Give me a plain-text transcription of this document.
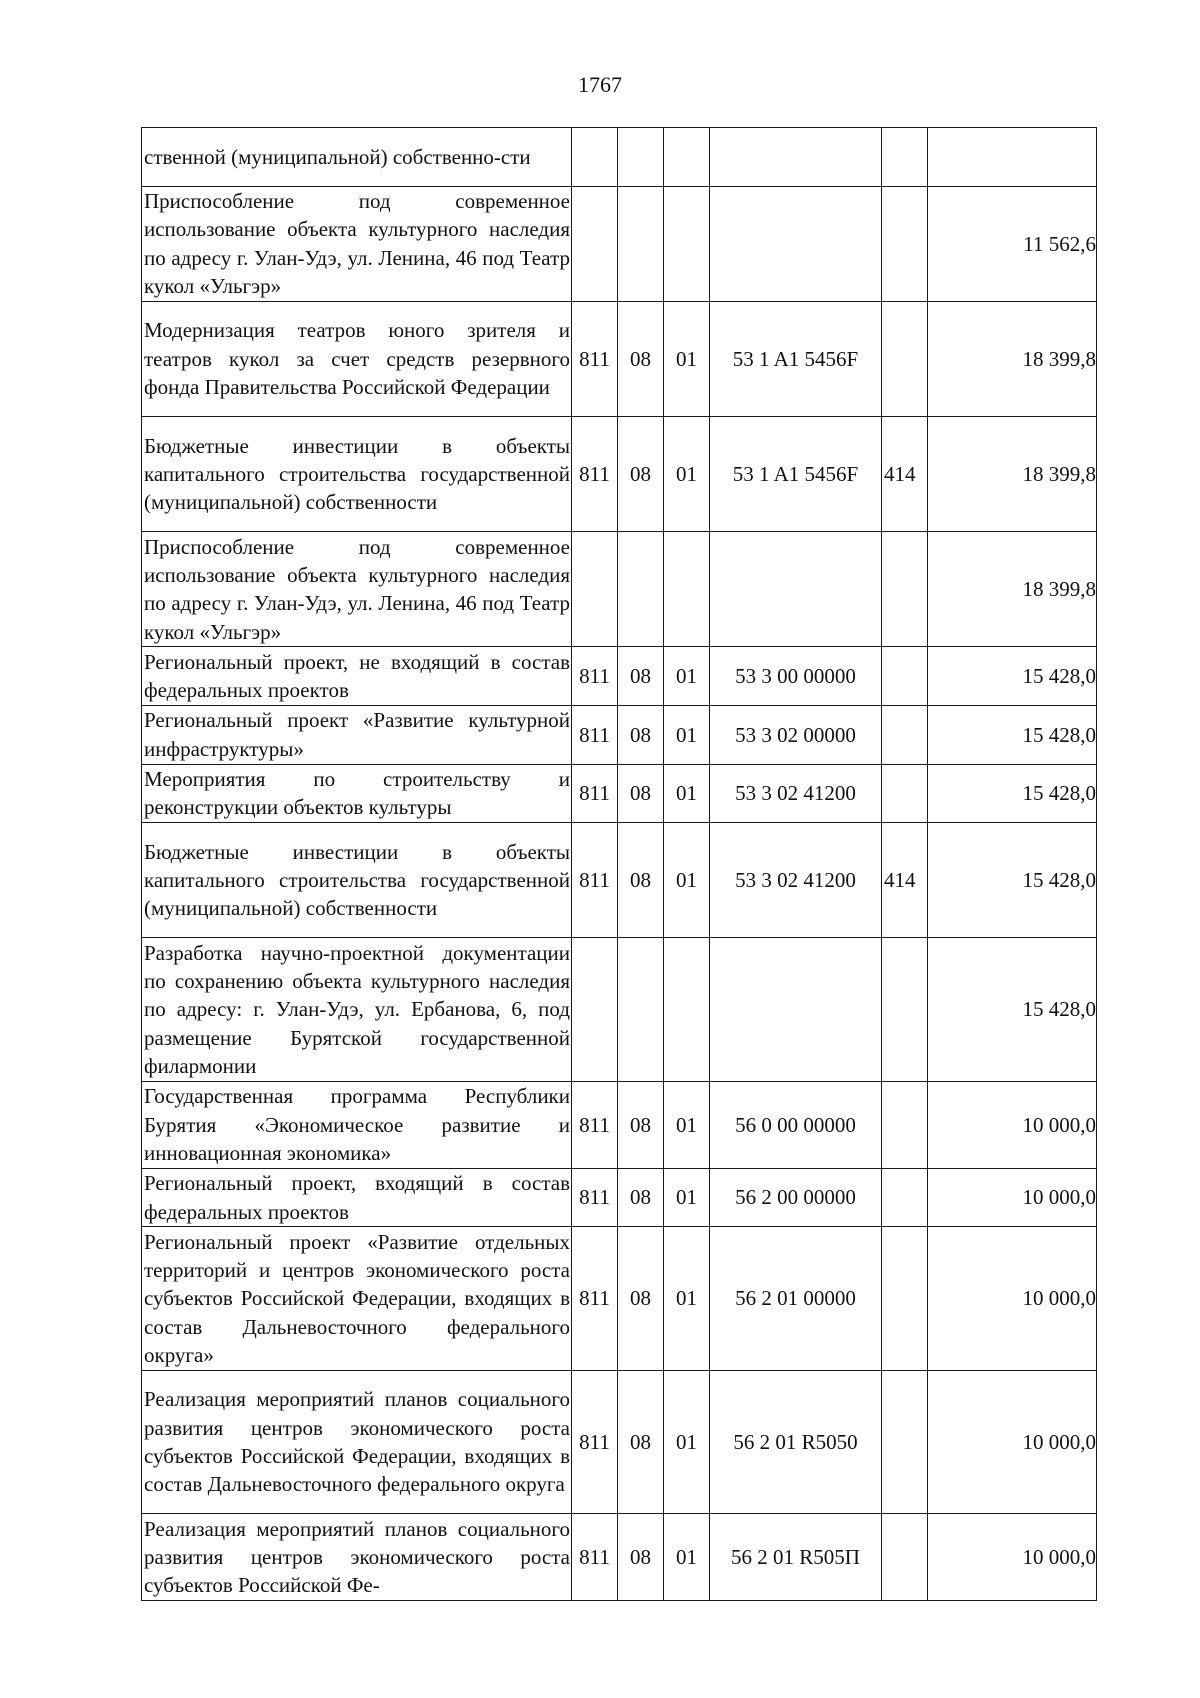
1767
ственной (муниципальной) собственно-сти						
Приспособление под современное использование объекта культурного наследия по адресу г. Улан-Удэ, ул. Ленина, 46 под Театр кукол «Ульгэр»						11 562,6
Модернизация театров юного зрителя и театров кукол за счет средств резервного фонда Правительства Российской Федерации	811	08	01	53 1 A1 5456F		18 399,8
Бюджетные инвестиции в объекты капитального строительства государственной (муниципальной) собственности	811	08	01	53 1 A1 5456F	414	18 399,8
Приспособление под современное использование объекта культурного наследия по адресу г. Улан-Удэ, ул. Ленина, 46 под Театр кукол «Ульгэр»						18 399,8
Региональный проект, не входящий в состав федеральных проектов	811	08	01	53 3 00 00000		15 428,0
Региональный проект «Развитие культурной инфраструктуры»	811	08	01	53 3 02 00000		15 428,0
Мероприятия по строительству и реконструкции объектов культуры	811	08	01	53 3 02 41200		15 428,0
Бюджетные инвестиции в объекты капитального строительства государственной (муниципальной) собственности	811	08	01	53 3 02 41200	414	15 428,0
Разработка научно-проектной документации по сохранению объекта культурного наследия по адресу: г. Улан-Удэ, ул. Ербанова, 6, под размещение Бурятской государственной филармонии						15 428,0
Государственная программа Республики Бурятия «Экономическое развитие и инновационная экономика»	811	08	01	56 0 00 00000		10 000,0
Региональный проект, входящий в состав федеральных проектов	811	08	01	56 2 00 00000		10 000,0
Региональный проект «Развитие отдельных территорий и центров экономического роста субъектов Российской Федерации, входящих в состав Дальневосточного федерального округа»	811	08	01	56 2 01 00000		10 000,0
Реализация мероприятий планов социального развития центров экономического роста субъектов Российской Федерации, входящих в состав Дальневосточного федерального округа	811	08	01	56 2 01 R5050		10 000,0
Реализация мероприятий планов социального развития центров экономического роста субъектов Российской Фе-	811	08	01	56 2 01 R505П		10 000,0
